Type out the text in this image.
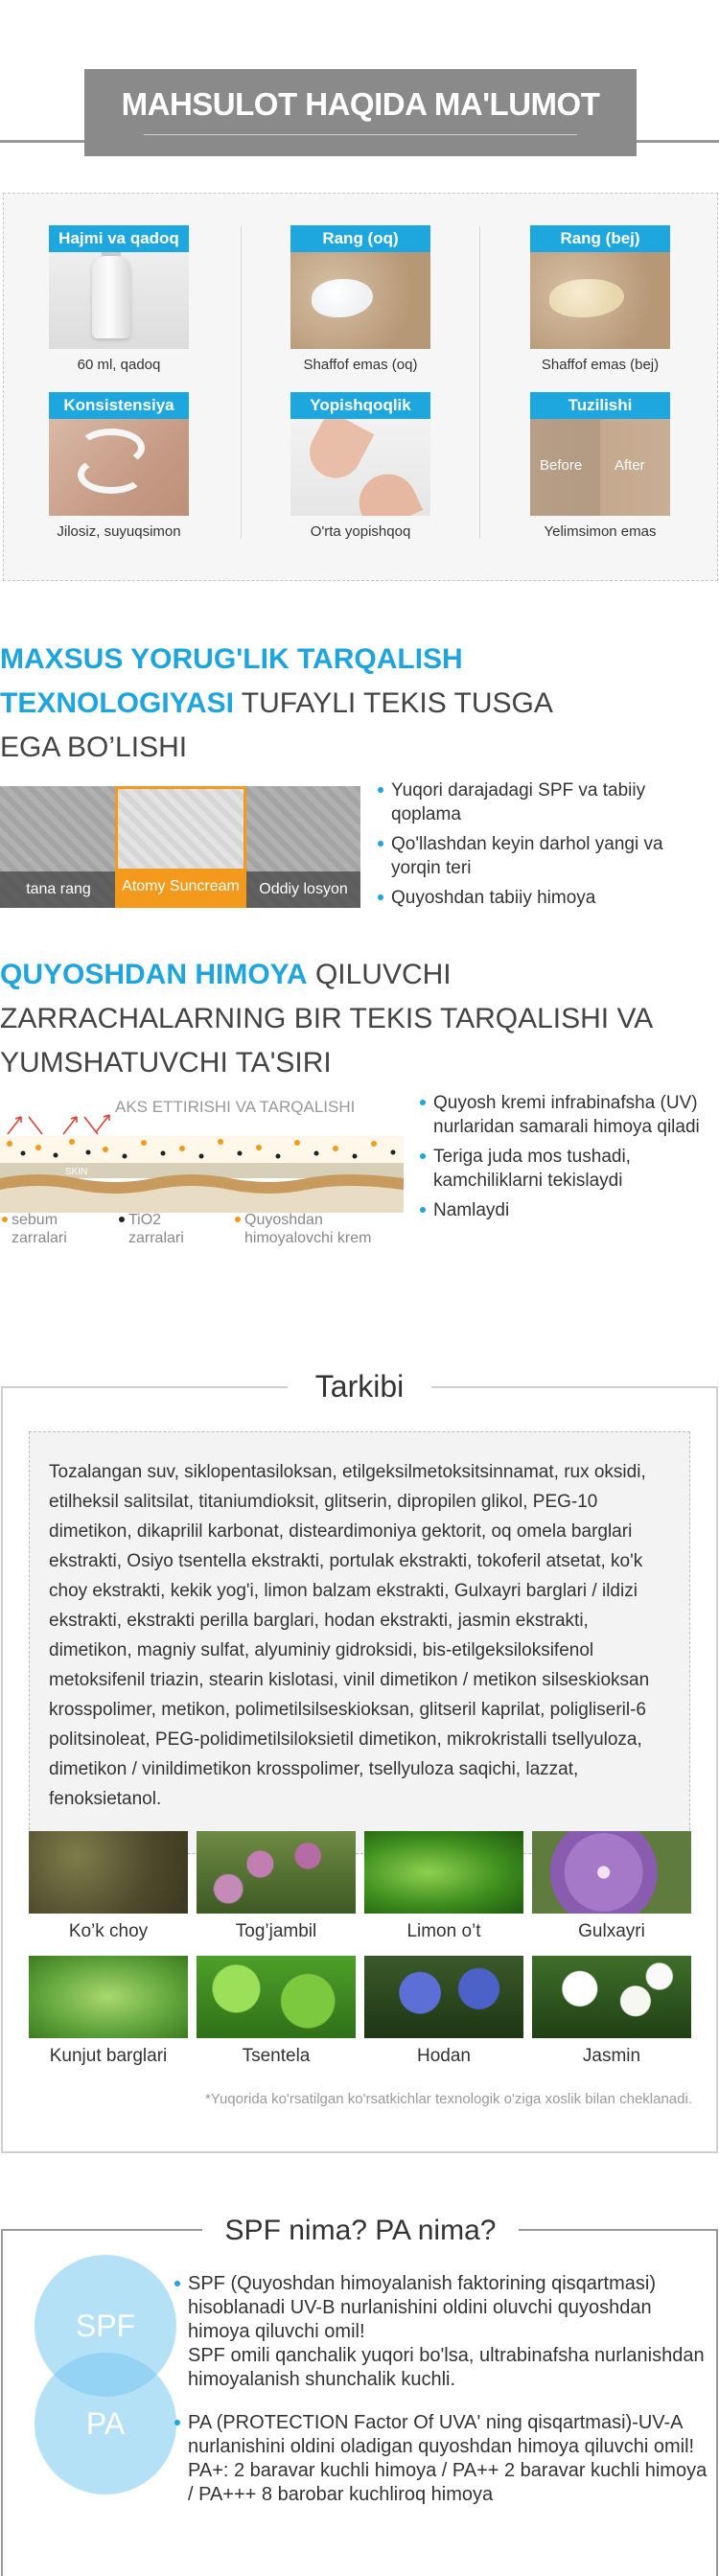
MAHSULOT HAQIDA MA'LUMOT
Hajmi va qadoq
60 ml, qadoq
Rang (oq)
Shaffof emas (oq)
Rang (bej)
Shaffof emas (bej)
Konsistensiya
Jilosiz, suyuqsimon
Yopishqoqlik
O'rta yopishqoq
Tuzilishi
Before After
Yelimsimon emas
MAXSUS YORUG'LIK TARQALISH
TEXNOLOGIYASI TUFAYLI TEKIS TUSGA
EGA BO’LISHI
tana rang	Atomy Suncream	Oddiy losyon
Yuqori darajadagi SPF va tabiiy qoplama
Qo'llashdan keyin darhol yangi va yorqin teri
Quyoshdan tabiiy himoya
QUYOSHDAN HIMOYA QILUVCHI
ZARRACHALARNING BIR TEKIS TARQALISHI VA
YUMSHATUVCHI TA'SIRI
SKIN
AKS ETTIRISHI VA TARQALISHI
sebum zarralari
TiO2 zarralari
Quyoshdan himoyalovchi krem
Quyosh kremi infrabinafsha (UV) nurlaridan samarali himoya qiladi
Teriga juda mos tushadi, kamchiliklarni tekislaydi
Namlaydi
Tarkibi

Tozalangan suv, siklopentasiloksan, etilgeksilmetoksitsinnamat, rux oksidi, etilheksil salitsilat, titaniumdioksit, glitserin, dipropilen glikol, PEG-10 dimetikon, dikaprilil karbonat, disteardimoniya gektorit, oq omela barglari ekstrakti, Osiyo tsentella ekstrakti, portulak ekstrakti, tokoferil atsetat, ko'k choy ekstrakti, kekik yog'i, limon balzam ekstrakti, Gulxayri barglari / ildizi ekstrakti, ekstrakti perilla barglari, hodan ekstrakti, jasmin ekstrakti, dimetikon, magniy sulfat, alyuminiy gidroksidi, bis-etilgeksiloksifenol metoksifenil triazin, stearin kislotasi, vinil dimetikon / metikon silseskioksan krosspolimer, metikon, polimetilsilseskioksan, glitseril kaprilat, poligliseril-6 politsinoleat, PEG-polidimetilsiloksietil dimetikon, mikrokristalli tsellyuloza, dimetikon / vinildimetikon krosspolimer, tsellyuloza saqichi, lazzat, fenoksietanol.

Ko’k choy	Tog’jambil	Limon o’t	Gulxayri
Kunjut barglari	Tsentela	Hodan	Jasmin
*Yuqorida ko'rsatilgan ko'rsatkichlar texnologik o'ziga xoslik bilan cheklanadi.
SPF nima? PA nima?
SPF
PA

SPF (Quyoshdan himoyalanish faktorining qisqartmasi) hisoblanadi UV-B nurlanishini oldini oluvchi quyoshdan himoya qiluvchi omil!

SPF omili qanchalik yuqori bo'lsa, ultrabinafsha nurlanishdan himoyalanish shunchalik kuchli.

PA (PROTECTION Factor Of UVA' ning qisqartmasi)-UV-A nurlanishini oldini oladigan quyoshdan himoya qiluvchi omil!

PA+: 2 baravar kuchli himoya / PA++ 2 baravar kuchli himoya / PA+++ 8 barobar kuchliroq himoya
